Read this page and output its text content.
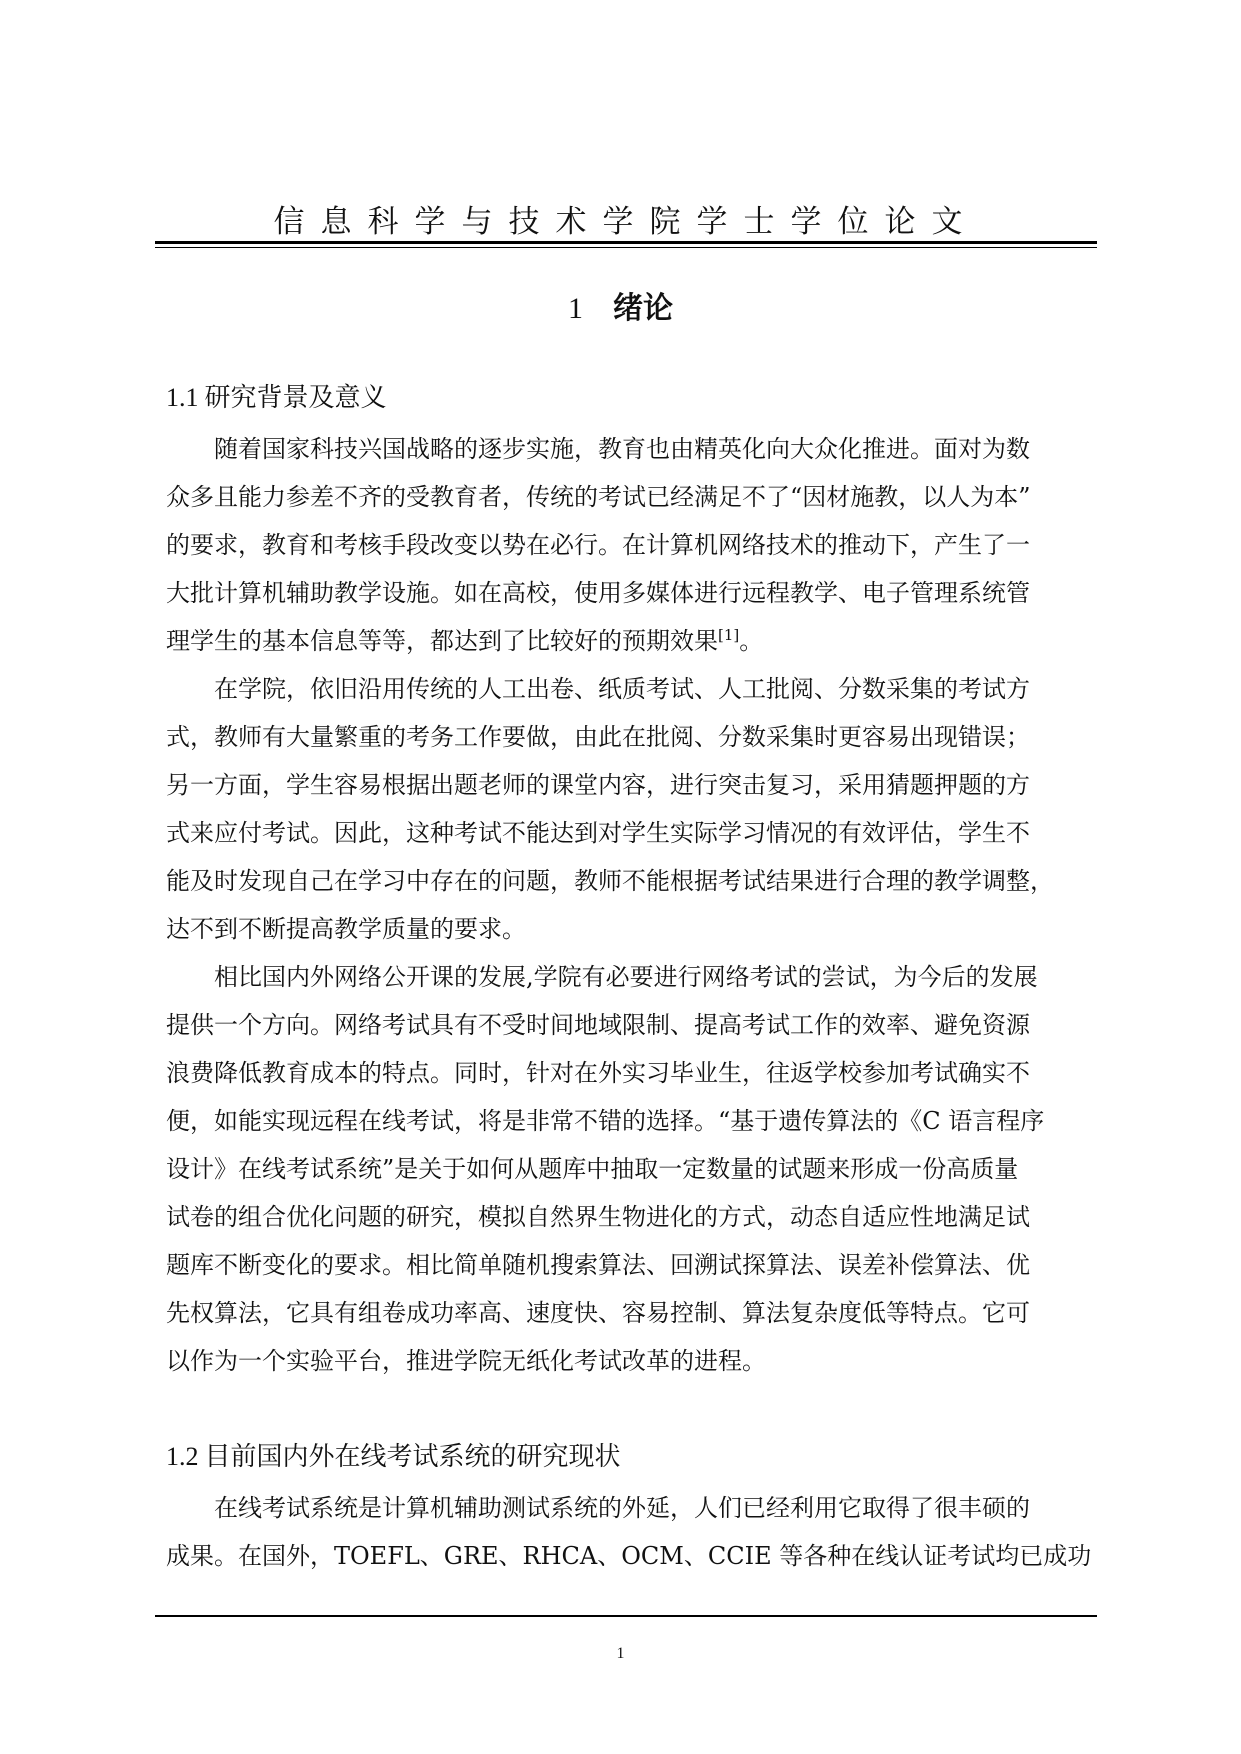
信息科学与技术学院学士学位论文
1 绪论
1.1 研究背景及意义
随着国家科技兴国战略的逐步实施，教育也由精英化向大众化推进。面对为数
众多且能力参差不齐的受教育者，传统的考试已经满足不了“因材施教，以人为本”
的要求，教育和考核手段改变以势在必行。在计算机网络技术的推动下，产生了一
大批计算机辅助教学设施。如在高校，使用多媒体进行远程教学、电子管理系统管
理学生的基本信息等等，都达到了比较好的预期效果[1]。
在学院，依旧沿用传统的人工出卷、纸质考试、人工批阅、分数采集的考试方
式，教师有大量繁重的考务工作要做，由此在批阅、分数采集时更容易出现错误；
另一方面，学生容易根据出题老师的课堂内容，进行突击复习，采用猜题押题的方
式来应付考试。因此，这种考试不能达到对学生实际学习情况的有效评估，学生不
能及时发现自己在学习中存在的问题，教师不能根据考试结果进行合理的教学调整，
达不到不断提高教学质量的要求。
相比国内外网络公开课的发展,学院有必要进行网络考试的尝试，为今后的发展
提供一个方向。网络考试具有不受时间地域限制、提高考试工作的效率、避免资源
浪费降低教育成本的特点。同时，针对在外实习毕业生，往返学校参加考试确实不
便，如能实现远程在线考试，将是非常不错的选择。“基于遗传算法的《C 语言程序
设计》在线考试系统”是关于如何从题库中抽取一定数量的试题来形成一份高质量
试卷的组合优化问题的研究，模拟自然界生物进化的方式，动态自适应性地满足试
题库不断变化的要求。相比简单随机搜索算法、回溯试探算法、误差补偿算法、优
先权算法，它具有组卷成功率高、速度快、容易控制、算法复杂度低等特点。它可
以作为一个实验平台，推进学院无纸化考试改革的进程。
1.2 目前国内外在线考试系统的研究现状
在线考试系统是计算机辅助测试系统的外延，人们已经利用它取得了很丰硕的
成果。在国外，TOEFL、GRE、RHCA、OCM、CCIE 等各种在线认证考试均已成功
1
